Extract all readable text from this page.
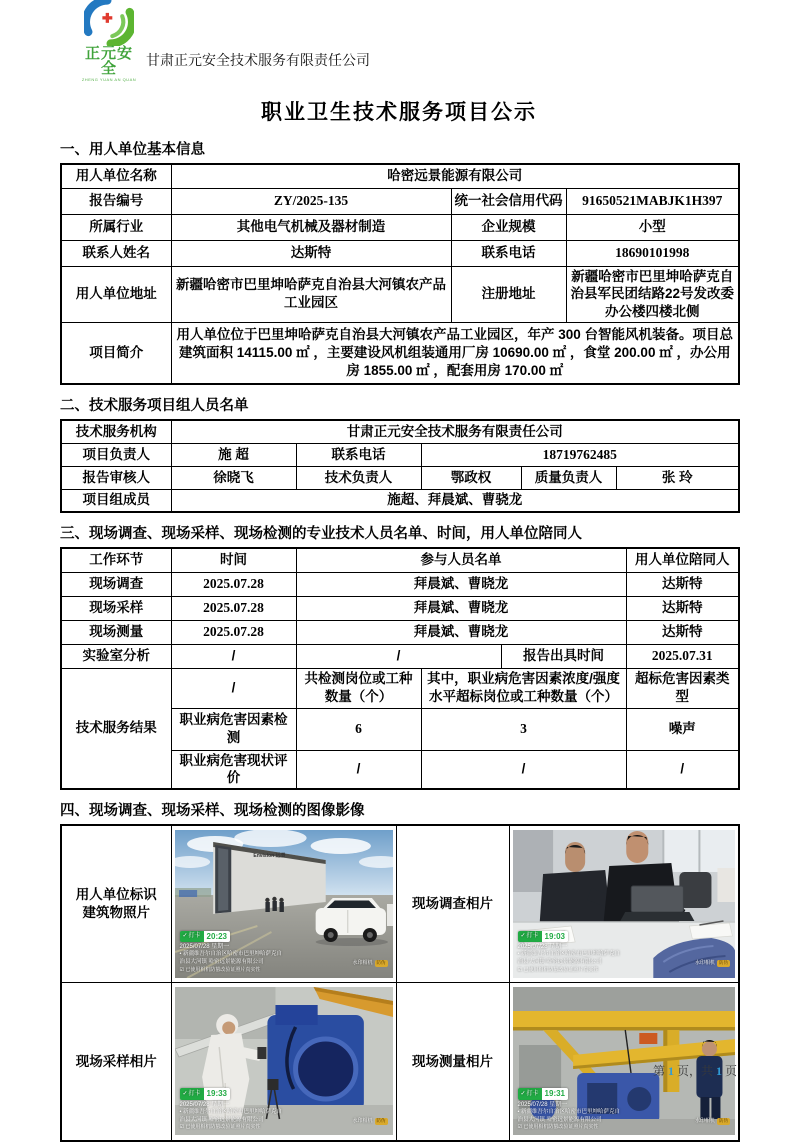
正元安全
ZHENG YUAN AN QUAN
甘肃正元安全技术服务有限责任公司
职业卫生技术服务项目公示
一、用人单位基本信息
用人单位名称	哈密远景能源有限公司		
报告编号	ZY/2025-135	统一社会信用代码	91650521MABJK1H397
所属行业	其他电气机械及器材制造	企业规模	小型
联系人姓名	达斯特	联系电话	18690101998
用人单位地址	新疆哈密市巴里坤哈萨克自治县大河镇农产品工业园区	注册地址	新疆哈密市巴里坤哈萨克自治县军民团结路22号发改委办公楼四楼北侧
项目简介	用人单位位于巴里坤哈萨克自治县大河镇农产品工业园区，年产 300 台智能风机装备。项目总建筑面积 14115.00 ㎡ ，主要建设风机组装通用厂房 10690.00 ㎡ ，食堂 200.00 ㎡ ，办公用房 1855.00 ㎡ ，配套用房 170.00 ㎡		
二、技术服务项目组人员名单
技术服务机构	甘肃正元安全技术服务有限责任公司				
项目负责人	施 超	联系电话	18719762485		
报告审核人	徐晓飞	技术负责人	鄂政权	质量负责人	张 玲
项目组成员	施超、拜晨斌、曹骁龙				
三、现场调查、现场采样、现场检测的专业技术人员名单、时间，用人单位陪同人
工作环节	时间	参与人员名单			用人单位陪同人
现场调查	2025.07.28	拜晨斌、曹晓龙			达斯特
现场采样	2025.07.28	拜晨斌、曹晓龙			达斯特
现场测量	2025.07.28	拜晨斌、曹晓龙			达斯特
实验室分析	/	/		报告出具时间	2025.07.31
技术服务结果	/	共检测岗位或工种数量（个）	其中，职业病危害因素浓度/强度水平超标岗位或工种数量（个）		超标危害因素类型
	职业病危害因素检测	6	3		噪声
	职业病危害现状评价	/	/		/
四、现场调查、现场采样、现场检测的图像影像
用人单位标识
建筑物照片	
Envision 远景
✓ 打卡 20:23
2025/07/28 星期一
• 新疆维吾尔自治区哈密市巴里坤哈萨克自
治县大河镇 哈密远景能源有限公司
☑ 已使用相机防篡改验证照片真实性
水印相机 防伪
	现场调查相片	
✓ 打卡 19:03
2025/07/28 星期一
• 新疆维吾尔自治区哈密市巴里坤哈萨克自
治县大河镇 哈密远景能源有限公司
☑ 已使用相机防篡改验证照片真实性
水印相机 防伪

现场采样相片	
✓ 打卡 19:33
2025/07/28 星期一
• 新疆维吾尔自治区哈密市巴里坤哈萨克自
治县大河镇 哈密远景能源有限公司
☑ 已使用相机防篡改验证照片真实性
水印相机 防伪
	现场测量相片	
✓ 打卡 19:31
2025/07/28 星期一
• 新疆维吾尔自治区哈密市巴里坤哈萨克自
治县大河镇 哈密远景能源有限公司
☑ 已使用相机防篡改验证照片真实性
水印相机 防伪
第 1 页，共 1 页
